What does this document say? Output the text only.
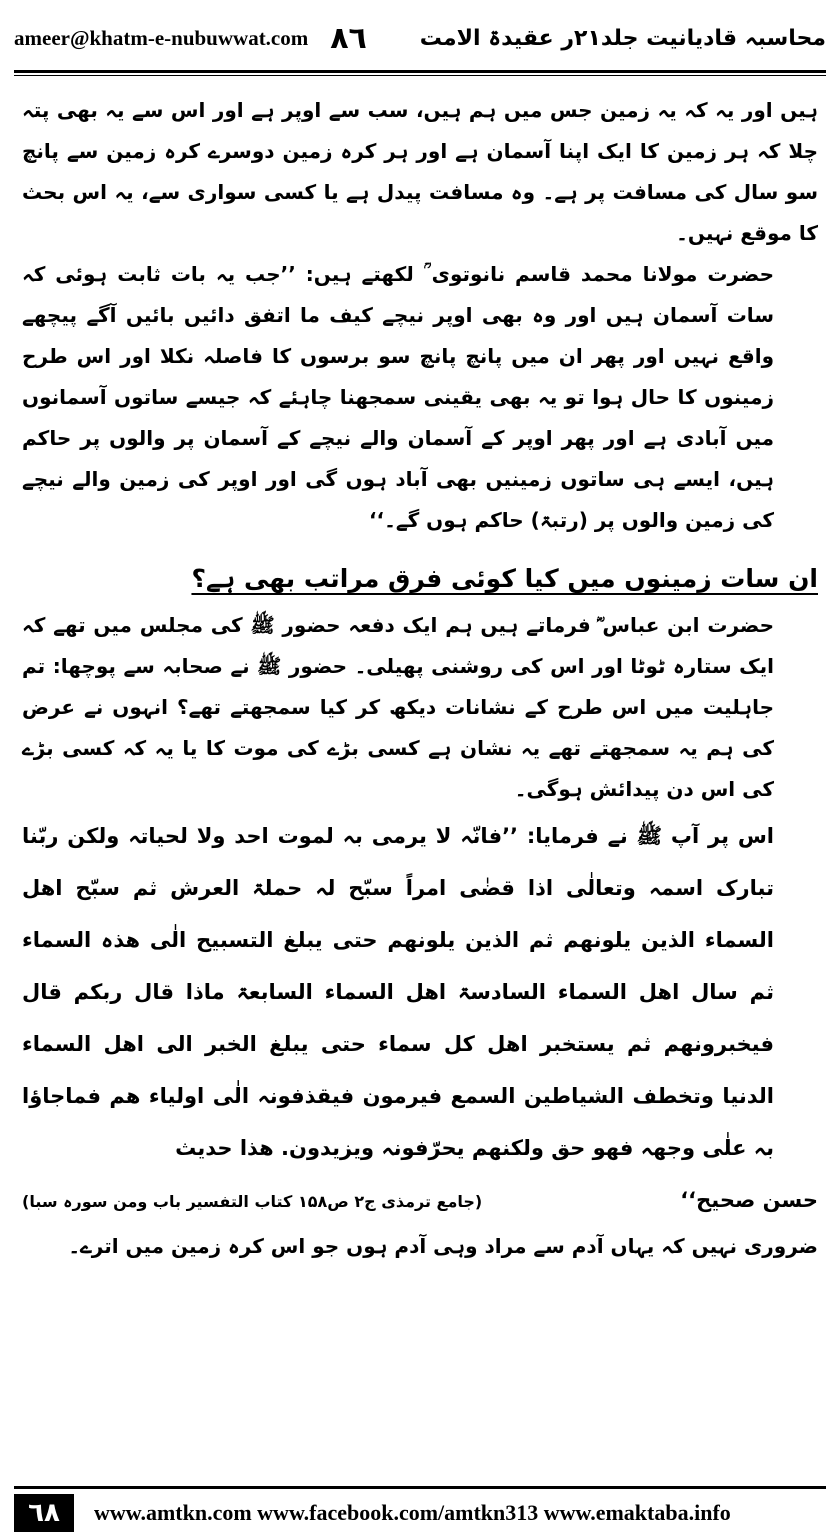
ameer@khatm-e-nubuwwat.com ٨٦ محاسبہ قادیانیت جلد۲۱ر عقیدۃ الامت

ہیں اور یہ کہ یہ زمین جس میں ہم ہیں، سب سے اوپر ہے اور اس سے یہ بھی پتہ چلا کہ ہر زمین کا ایک اپنا آسمان ہے اور ہر کرہ زمین دوسرے کرہ زمین سے پانچ سو سال کی مسافت پر ہے۔ وہ مسافت پیدل ہے یا کسی سواری سے، یہ اس بحث کا موقع نہیں۔

حضرت مولانا محمد قاسم نانوتوی ؒ لکھتے ہیں: ’’جب یہ بات ثابت ہوئی کہ سات آسمان ہیں اور وہ بھی اوپر نیچے کیف ما اتفق دائیں بائیں آگے پیچھے واقع نہیں اور پھر ان میں پانچ پانچ سو برسوں کا فاصلہ نکلا اور اس طرح زمینوں کا حال ہوا تو یہ بھی یقینی سمجھنا چاہئے کہ جیسے ساتوں آسمانوں میں آبادی ہے اور پھر اوپر کے آسمان والے نیچے کے آسمان پر والوں پر حاکم ہیں، ایسے ہی ساتوں زمینیں بھی آباد ہوں گی اور اوپر کی زمین والے نیچے کی زمین والوں پر (رتبۃ) حاکم ہوں گے۔‘‘

ان سات زمینوں میں کیا کوئی فرق مراتب بھی ہے؟

حضرت ابن عباس ؓ فرماتے ہیں ہم ایک دفعہ حضور ﷺ کی مجلس میں تھے کہ ایک ستارہ ٹوٹا اور اس کی روشنی پھیلی۔ حضور ﷺ نے صحابہ سے پوچھا: تم جاہلیت میں اس طرح کے نشانات دیکھ کر کیا سمجھتے تھے؟ انہوں نے عرض کی ہم یہ سمجھتے تھے یہ نشان ہے کسی بڑے کی موت کا یا یہ کہ کسی بڑے کی اس دن پیدائش ہوگی۔

اس پر آپ ﷺ نے فرمایا: ’’فانّہ لا یرمی بہ لموت احد ولا لحیاتہ ولکن ربّنا تبارک اسمہ وتعالٰی اذا قضٰی امراً سبّح لہ حملۃ العرش ثم سبّح اھل السماء الذین یلونھم ثم الذین یلونھم حتی یبلغ التسبیح الٰی ھذہ السماء ثم سال اھل السماء السادسۃ اھل السماء السابعۃ ماذا قال ربکم قال فیخبرونھم ثم یستخبر اھل کل سماء حتی یبلغ الخبر الی اھل السماء الدنیا وتخطف الشیاطین السمع فیرمون فیقذفونہ الٰی اولیاء ھم فماجاؤا بہ علٰی وجھہ فھو حق ولکنھم یحرّفونہ ویزیدون. ھذا حدیث

حسن صحیح‘‘
(جامع ترمذی ج۲ ص۱۵۸ کتاب التفسیر باب ومن سورہ سبا)

ضروری نہیں کہ یہاں آدم سے مراد وہی آدم ہوں جو اس کرہ زمین میں اترے۔

٦٨	www.amtkn.com www.facebook.com/amtkn313 www.emaktaba.info
